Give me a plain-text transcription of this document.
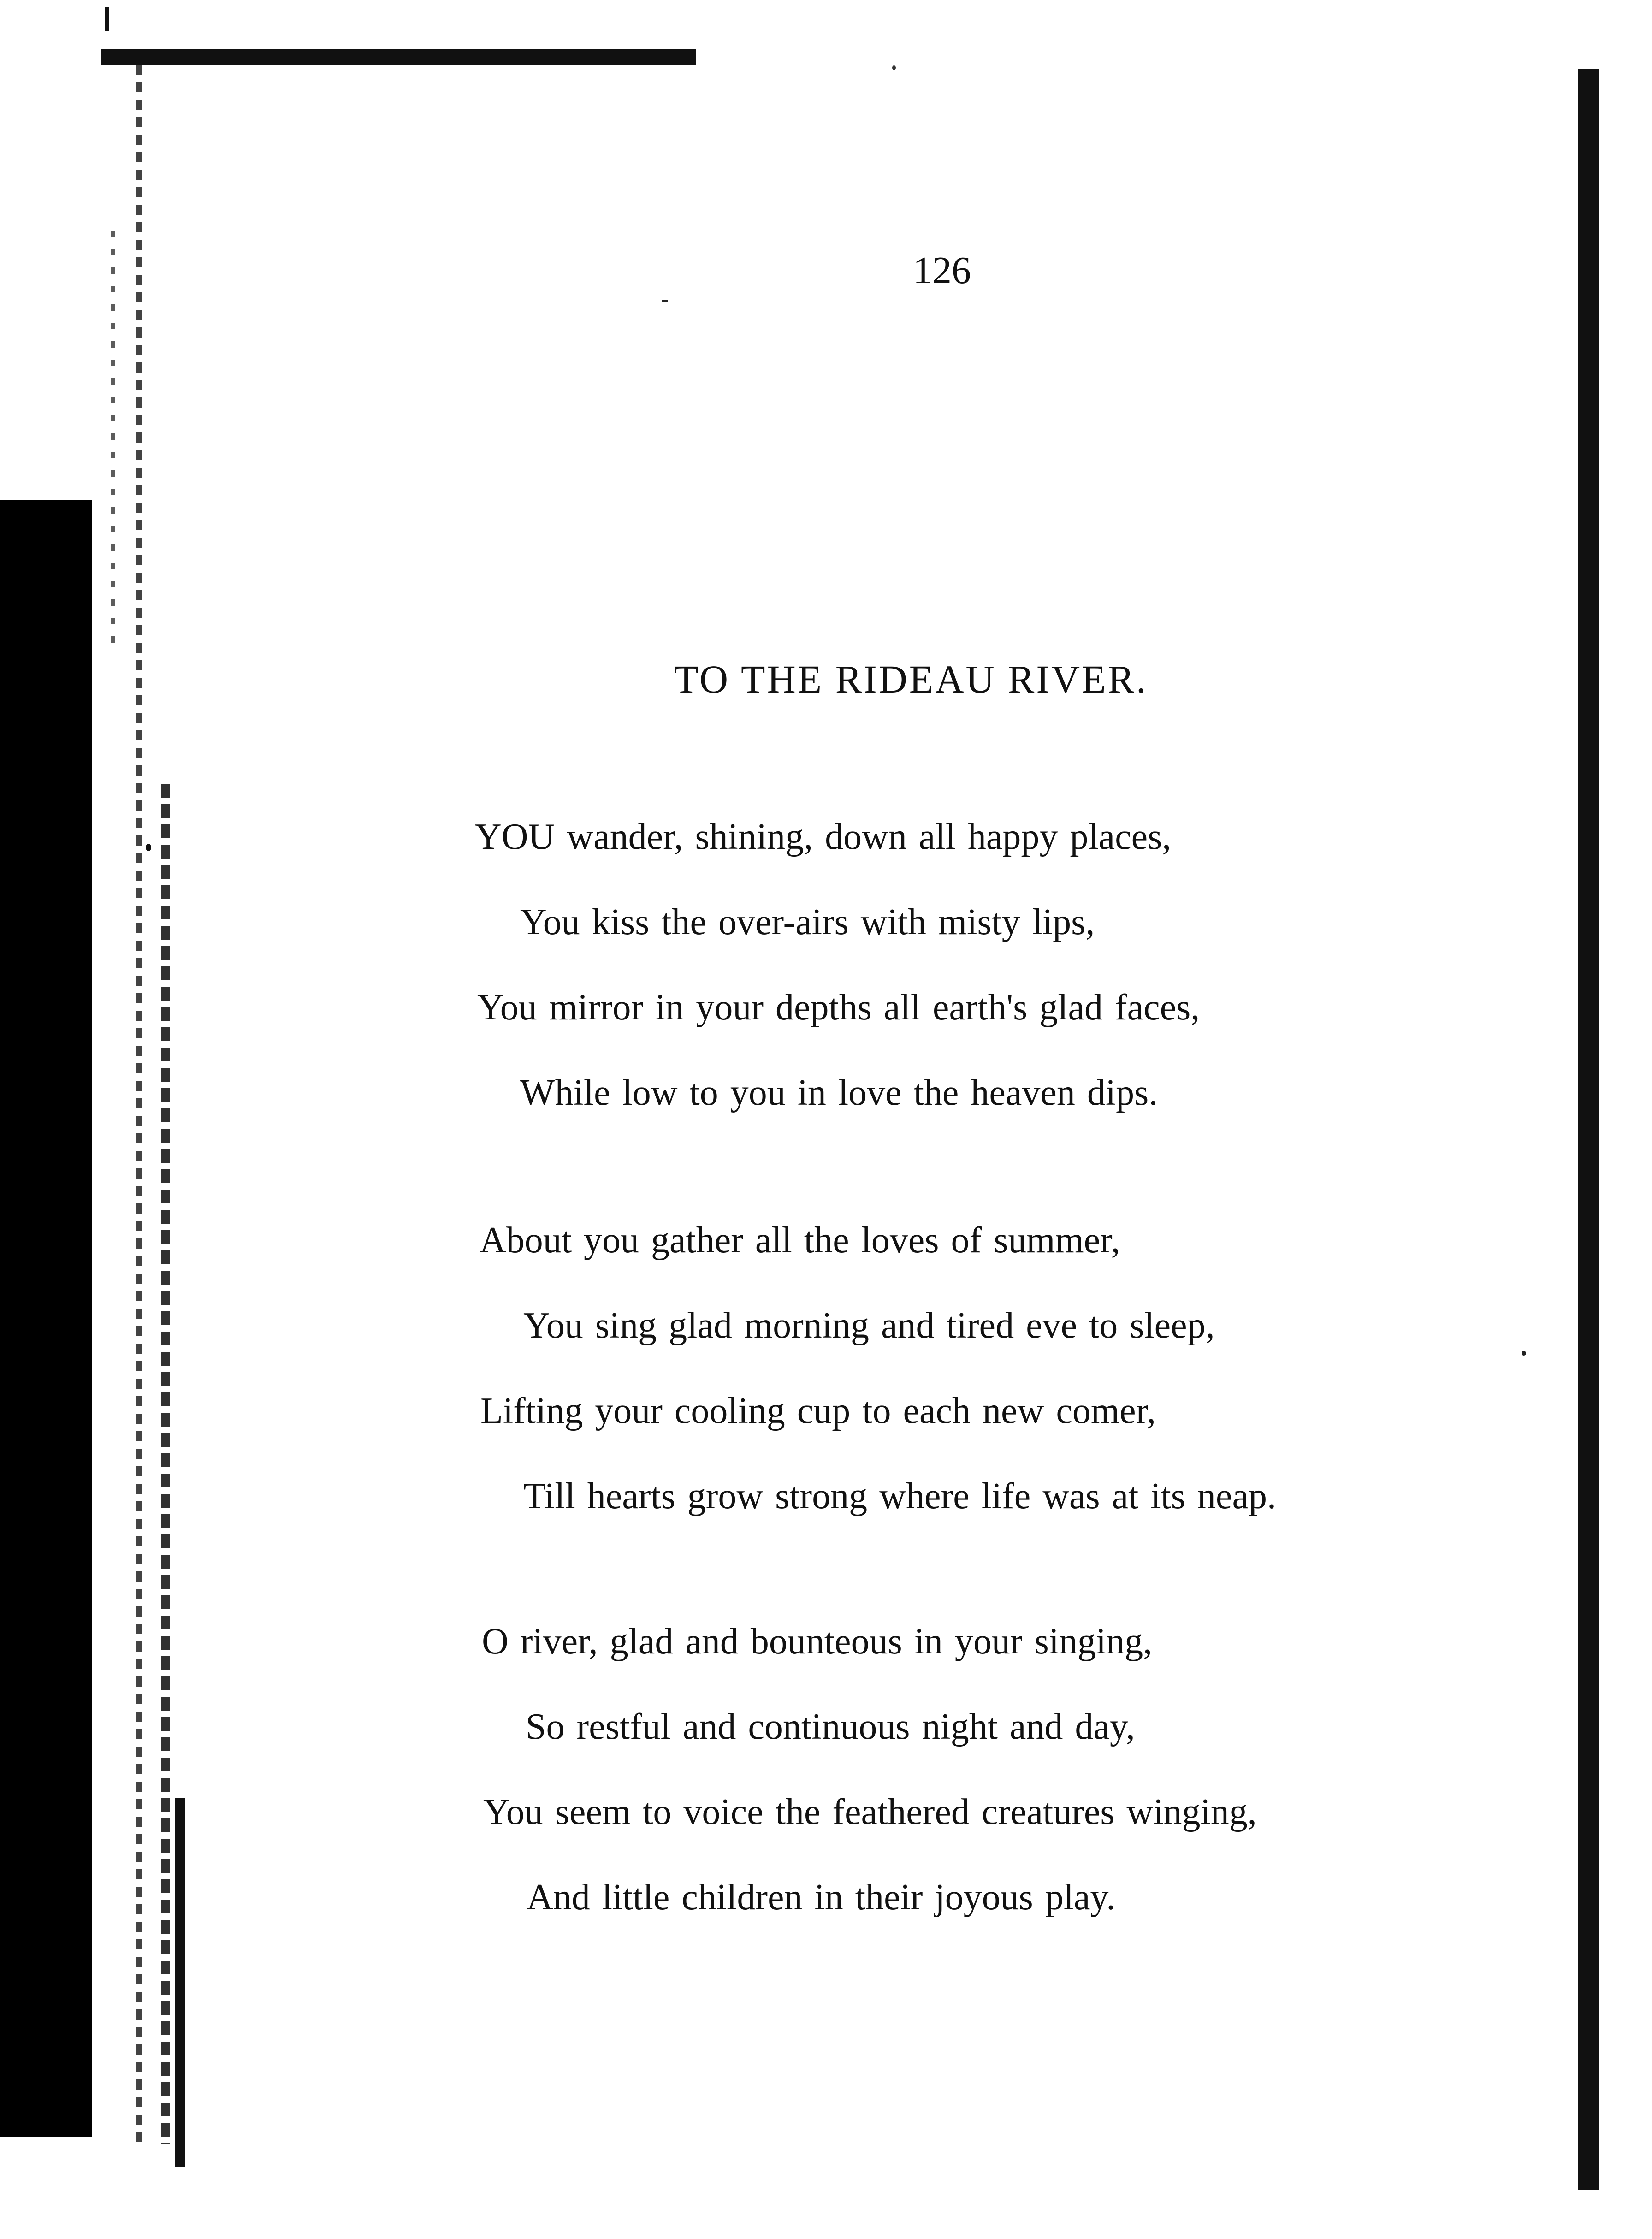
126
TO THE RIDEAU RIVER.
YOU wander, shining, down all happy places,
You kiss the over-airs with misty lips,
You mirror in your depths all earth's glad faces,
While low to you in love the heaven dips.
About you gather all the loves of summer,
You sing glad morning and tired eve to sleep,
Lifting your cooling cup to each new comer,
Till hearts grow strong where life was at its neap.
O river, glad and bounteous in your singing,
So restful and continuous night and day,
You seem to voice the feathered creatures winging,
And little children in their joyous play.
